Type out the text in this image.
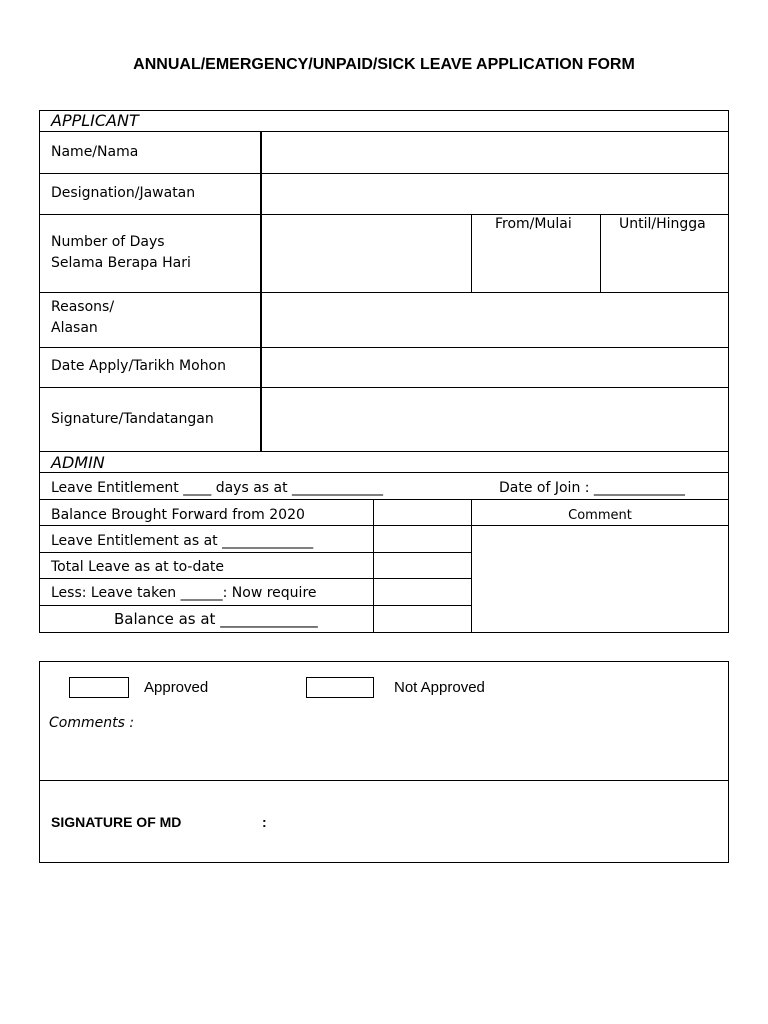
ANNUAL/EMERGENCY/UNPAID/SICK LEAVE APPLICATION FORM
APPLICANT
Name/Nama
Designation/Jawatan
Number of Days
Selama Berapa Hari
From/Mulai	Until/Hingga
Reasons/
Alasan
Date Apply/Tarikh Mohon
Signature/Tandatangan
ADMIN
Leave Entitlement ____ days as at _____________	Date of Join : _____________
Balance Brought Forward from 2020	Comment
Leave Entitlement as at _____________
Total Leave as at to-date
Less: Leave taken ______: Now require
Balance as at _____________
Approved	Not Approved
Comments :
SIGNATURE OF MD	:
